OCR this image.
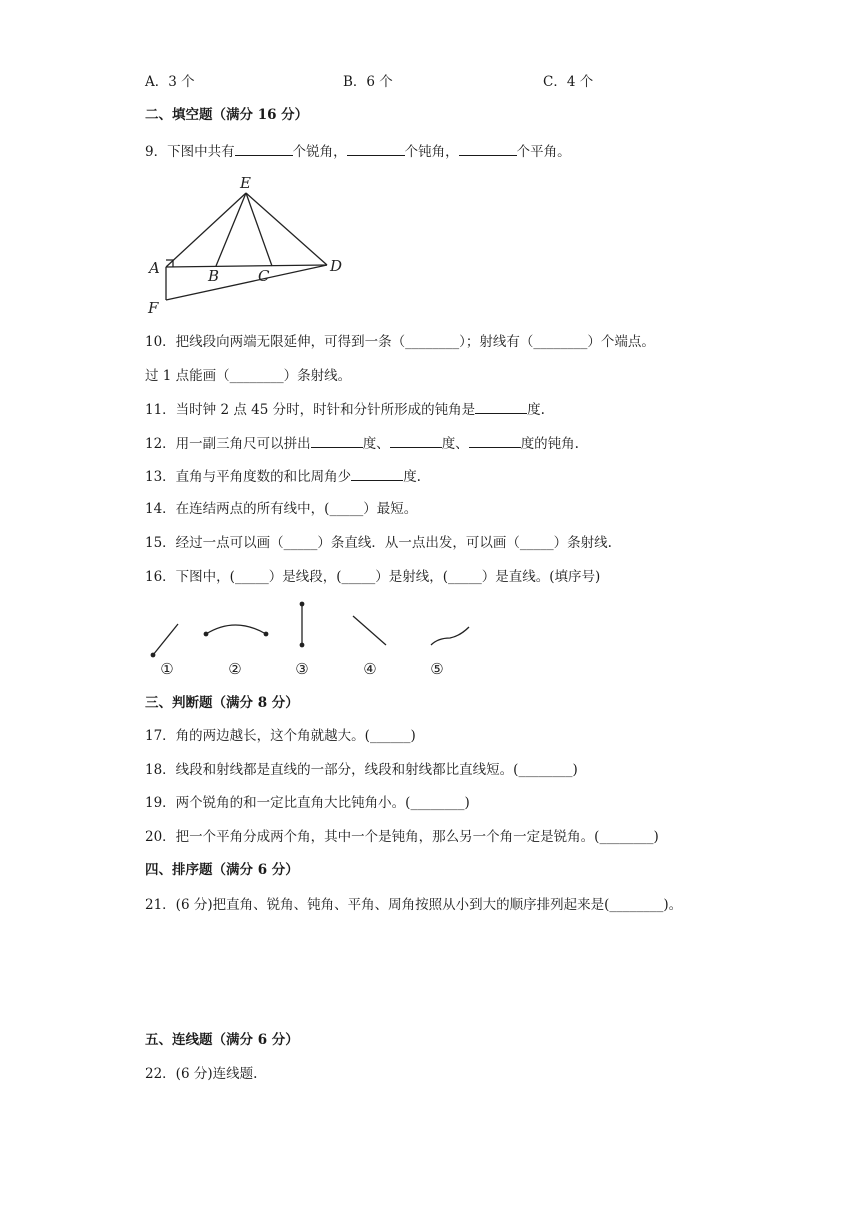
A．3 个	B．6 个	C．4 个
二、填空题（满分 16 分）
9．下图中共有	个锐角，	个钝角，	个平角。
E
A	B	C
D
F
10．把线段向两端无限延伸，可得到一条（________）；射线有（________）个端点。
过 1 点能画（________）条射线。
11．当时钟 2 点 45 分时，时针和分针所形成的钝角是	度.
12．用一副三角尺可以拼出	度、	度、	度的钝角.
13．直角与平角度数的和比周角少	度.
14．在连结两点的所有线中，(_____）最短。
15．经过一点可以画（_____）条直线．从一点出发，可以画（_____）条射线.
16．下图中，(_____）是线段，(_____）是射线，(_____）是直线。(填序号)
①	②	③	④	⑤
三、判断题（满分 8 分）
17．角的两边越长，这个角就越大。(______)
18．线段和射线都是直线的一部分，线段和射线都比直线短。(________)
19．两个锐角的和一定比直角大比钝角小。(________)
20．把一个平角分成两个角，其中一个是钝角，那么另一个角一定是锐角。(________)
四、排序题（满分 6 分）
21．(6 分)把直角、锐角、钝角、平角、周角按照从小到大的顺序排列起来是(________)。
五、连线题（满分 6 分）
22．(6 分)连线题.
